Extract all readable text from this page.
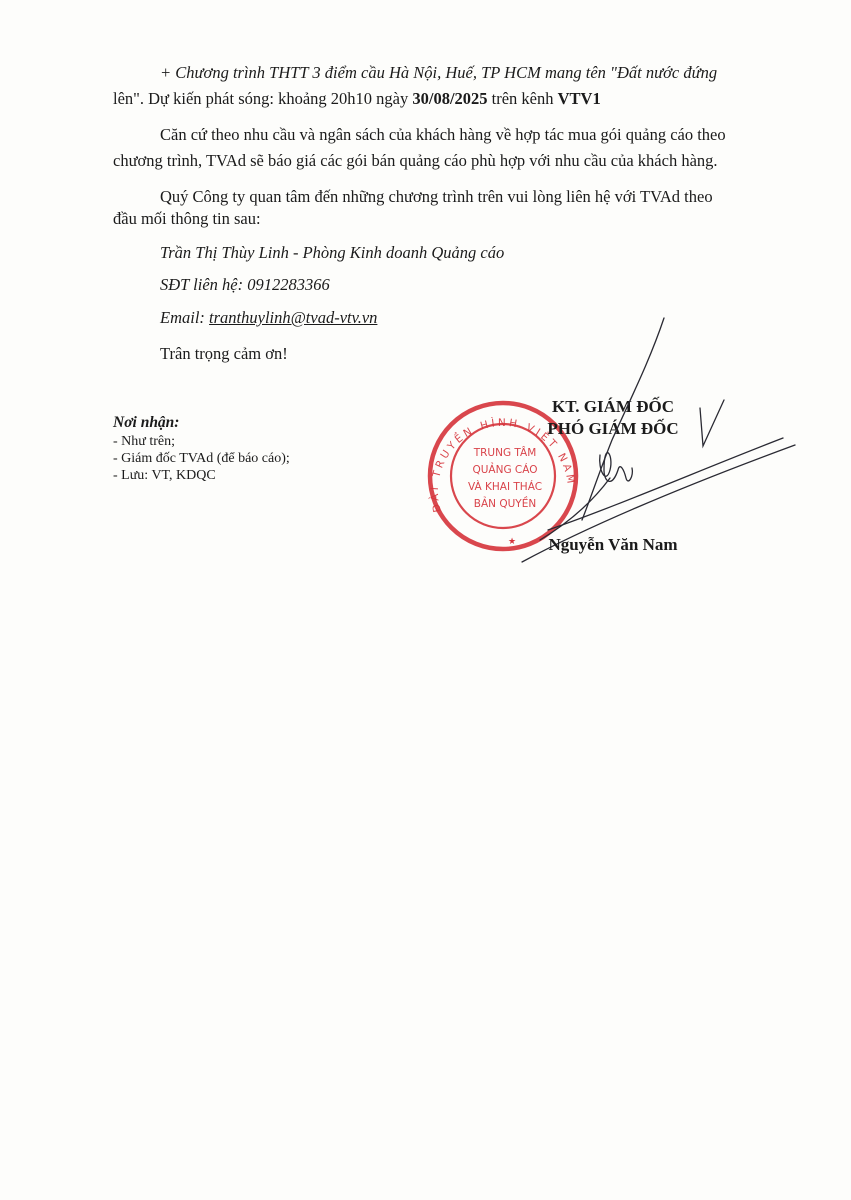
+ Chương trình THTT 3 điểm cầu Hà Nội, Huế, TP HCM mang tên "Đất nước đứng

lên". Dự kiến phát sóng: khoảng 20h10 ngày 30/08/2025 trên kênh VTV1

Căn cứ theo nhu cầu và ngân sách của khách hàng về hợp tác mua gói quảng cáo theo

chương trình, TVAd sẽ báo giá các gói bán quảng cáo phù hợp với nhu cầu của khách hàng.

Quý Công ty quan tâm đến những chương trình trên vui lòng liên hệ với TVAd theo

đầu mối thông tin sau:

Trần Thị Thùy Linh - Phòng Kinh doanh Quảng cáo

SĐT liên hệ: 0912283366

Email: tranthuylinh@tvad-vtv.vn

Trân trọng cảm ơn!

Nơi nhận:
- Như trên;
- Giám đốc TVAd (để báo cáo);
- Lưu: VT, KDQC
ĐÀI TRUYỀN HÌNH VIỆT NAM
TRUNG TÂM
QUẢNG CÁO
VÀ KHAI THÁC
BẢN QUYỀN
★
KT. GIÁM ĐỐC
PHÓ GIÁM ĐỐC
Nguyễn Văn Nam
